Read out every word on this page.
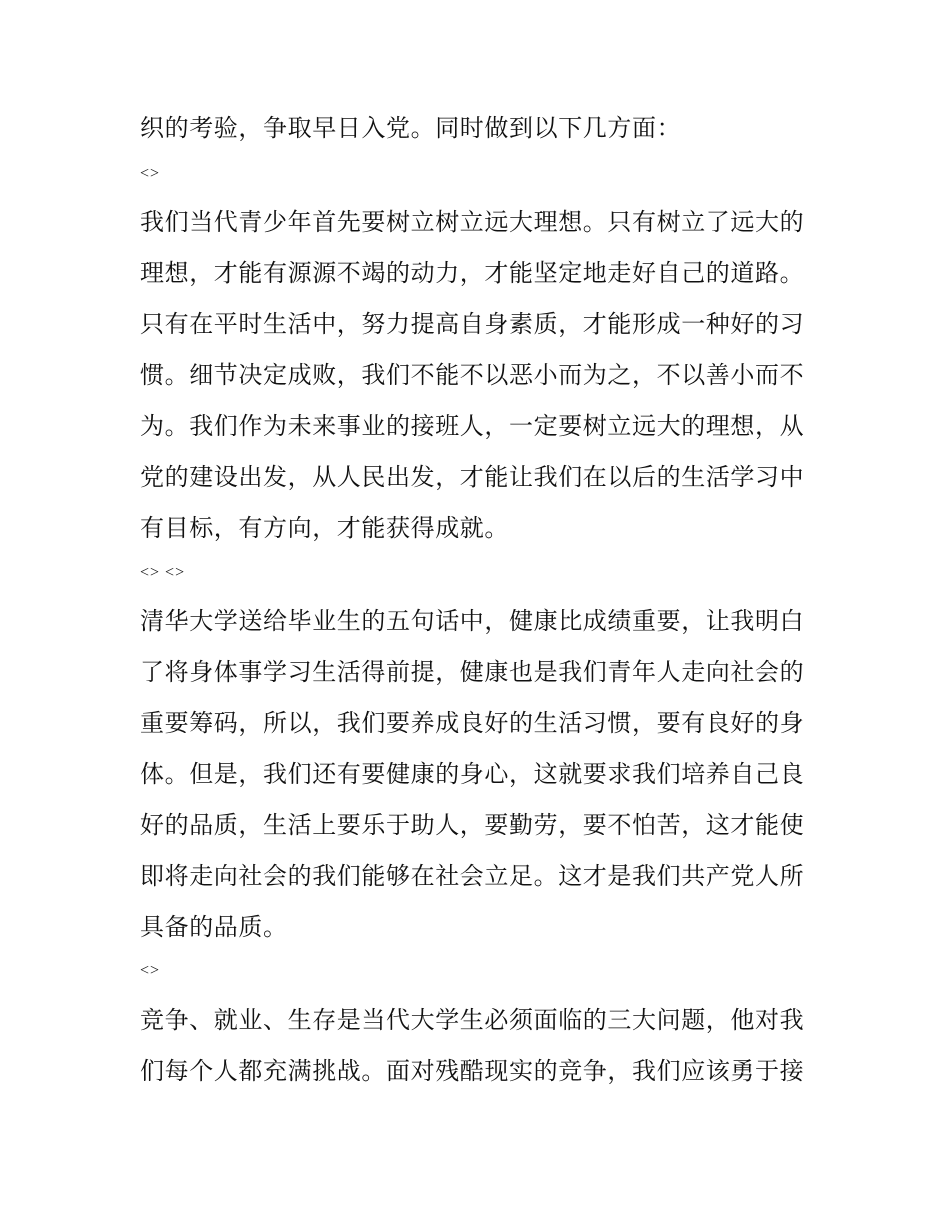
织的考验，争取早日入党。同时做到以下几方面：
<>
我们当代青少年首先要树立树立远大理想。只有树立了远大的
理想，才能有源源不竭的动力，才能坚定地走好自己的道路。
只有在平时生活中，努力提高自身素质，才能形成一种好的习
惯。细节决定成败，我们不能不以恶小而为之，不以善小而不
为。我们作为未来事业的接班人，一定要树立远大的理想，从
党的建设出发，从人民出发，才能让我们在以后的生活学习中
有目标，有方向，才能获得成就。
<> <>
清华大学送给毕业生的五句话中，健康比成绩重要，让我明白
了将身体事学习生活得前提，健康也是我们青年人走向社会的
重要筹码，所以，我们要养成良好的生活习惯，要有良好的身
体。但是，我们还有要健康的身心，这就要求我们培养自己良
好的品质，生活上要乐于助人，要勤劳，要不怕苦，这才能使
即将走向社会的我们能够在社会立足。这才是我们共产党人所
具备的品质。
<>
竞争、就业、生存是当代大学生必须面临的三大问题，他对我
们每个人都充满挑战。面对残酷现实的竞争，我们应该勇于接
